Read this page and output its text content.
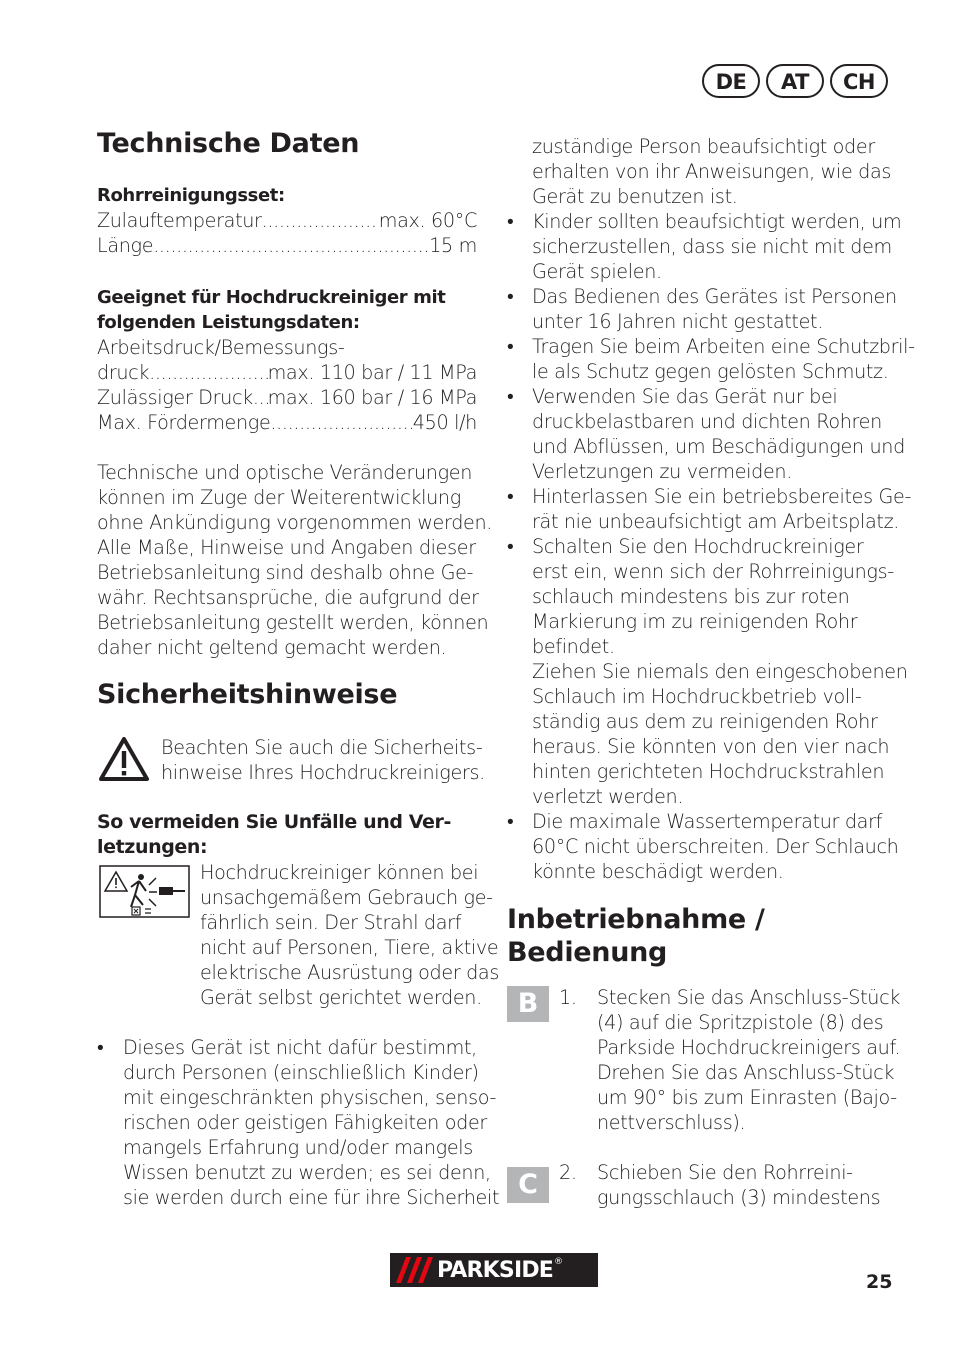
DE	AT	CH
Technische Daten
Rohrreinigungsset:
Zulauftemperatur .....	max. 60°C
Länge .....	15 m
Geeignet für Hochdruckreiniger mit
folgenden Leistungsdaten:
Arbeitsdruck/Bemessungs-
druck .....	max. 110 bar / 11 MPa
Zulässiger Druck ..... max. 160 bar / 16 MPa
Max. Fördermenge .....	450 l/h
Technische und optische Veränderungen
können im Zuge der Weiterentwicklung
ohne Ankündigung vorgenommen werden.
Alle Maße, Hinweise und Angaben dieser
Betriebsanleitung sind deshalb ohne Ge-
währ. Rechtsansprüche, die aufgrund der
Betriebsanleitung gestellt werden, können
daher nicht geltend gemacht werden.
Sicherheitshinweise
Beachten Sie auch die Sicherheits-
hinweise Ihres Hochdruckreinigers.
So vermeiden Sie Unfälle und Ver-
letzungen:
Hochdruckreiniger können bei
unsachgemäßem Gebrauch ge-
fährlich sein. Der Strahl darf
nicht auf Personen, Tiere, aktive
elektrische Ausrüstung oder das
Gerät selbst gerichtet werden.
•	Dieses Gerät ist nicht dafür bestimmt,
durch Personen (einschließlich Kinder)
mit eingeschränkten physischen, senso-
rischen oder geistigen Fähigkeiten oder
mangels Erfahrung und/oder mangels
Wissen benutzt zu werden; es sei denn,
sie werden durch eine für ihre Sicherheit
zuständige Person beaufsichtigt oder
erhalten von ihr Anweisungen, wie das
Gerät zu benutzen ist.
• Kinder sollten beaufsichtigt werden, um
sicherzustellen, dass sie nicht mit dem
Gerät spielen.
• Das Bedienen des Gerätes ist Personen
unter 16 Jahren nicht gestattet.
• Tragen Sie beim Arbeiten eine Schutzbril-
le als Schutz gegen gelösten Schmutz.
• Verwenden Sie das Gerät nur bei
druckbelastbaren und dichten Rohren
und Abflüssen, um Beschädigungen und
Verletzungen zu vermeiden.
• Hinterlassen Sie ein betriebsbereites Ge-
rät nie unbeaufsichtigt am Arbeitsplatz.
• Schalten Sie den Hochdruckreiniger
erst ein, wenn sich der Rohrreinigungs-
schlauch mindestens bis zur roten
Markierung im zu reinigenden Rohr
befindet.
Ziehen Sie niemals den eingeschobenen
Schlauch im Hochdruckbetrieb voll-
ständig aus dem zu reinigenden Rohr
heraus. Sie könnten von den vier nach
hinten gerichteten Hochdruckstrahlen
verletzt werden.
• Die maximale Wassertemperatur darf
60°C nicht überschreiten. Der Schlauch
könnte beschädigt werden.
Inbetriebnahme /
Bedienung
B	1. Stecken Sie das Anschluss-Stück
(4) auf die Spritzpistole (8) des
Parkside Hochdruckreinigers auf.
Drehen Sie das Anschluss-Stück
um 90° bis zum Einrasten (Bajo-
nettverschluss).
C	2. Schieben Sie den Rohrreini-
gungsschlauch (3) mindestens
PARKSIDE ®
25
